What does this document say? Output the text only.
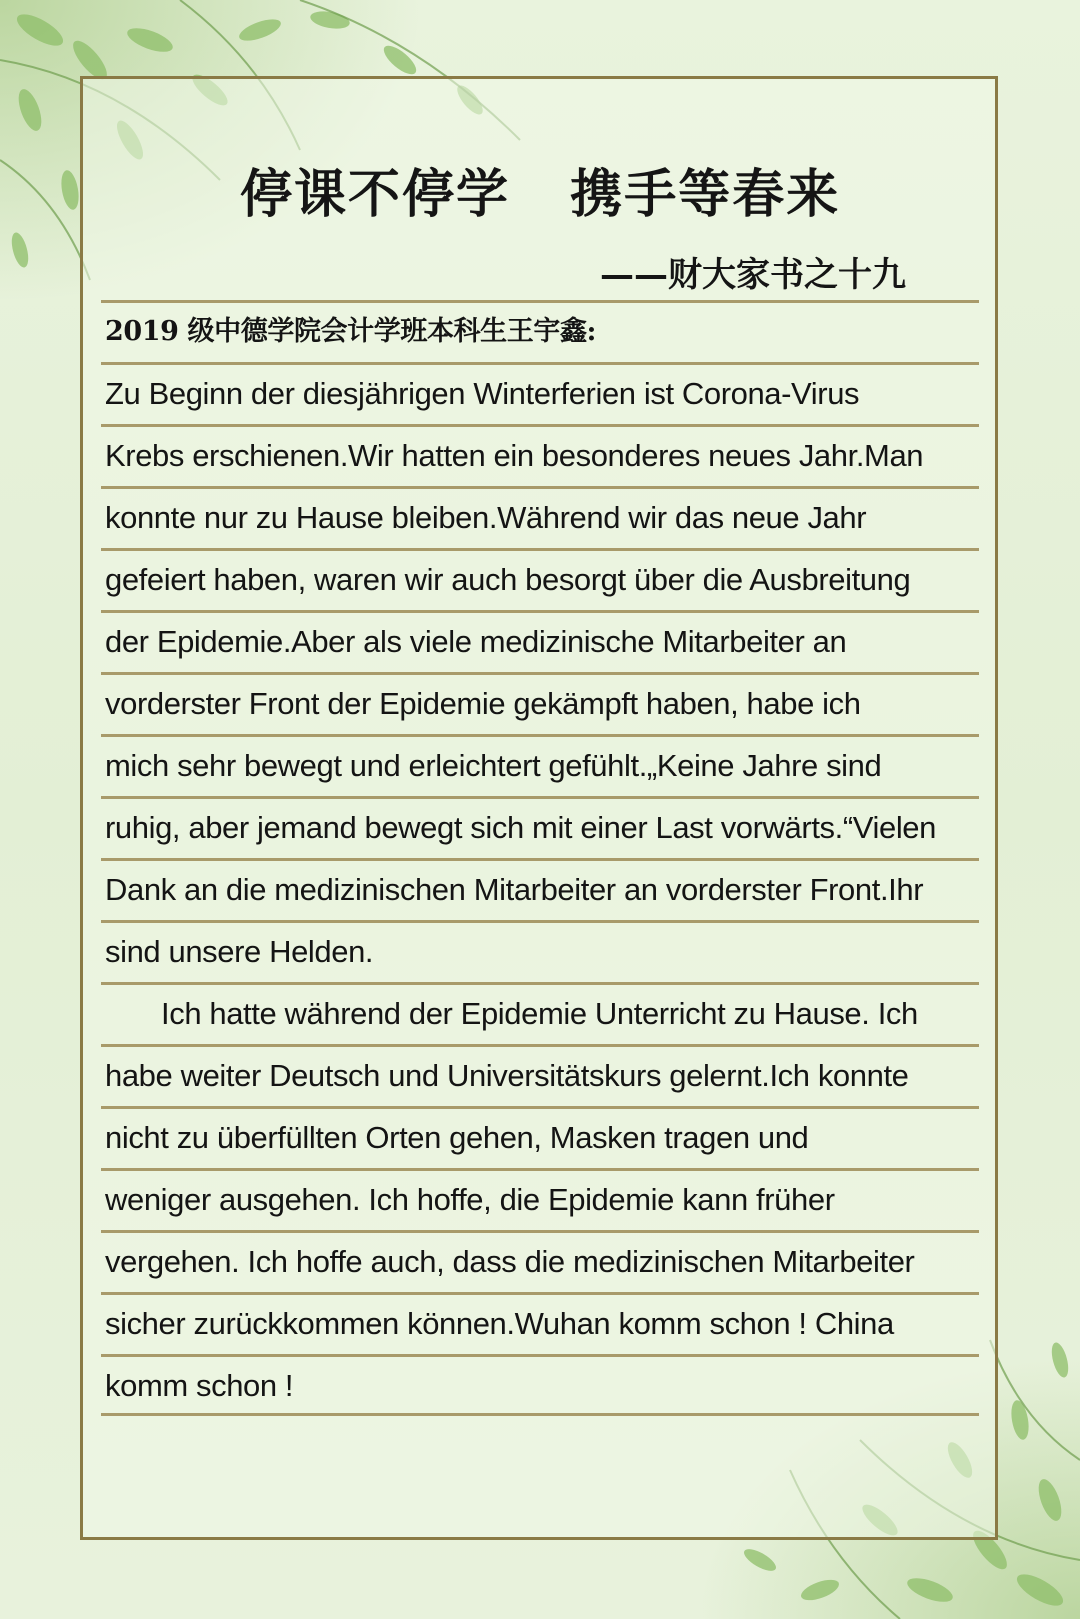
停课不停学   携手等春来
——财大家书之十九
2019 级中德学院会计学班本科生王宇鑫:
Zu Beginn der diesjährigen Winterferien ist Corona-Virus
Krebs erschienen.Wir hatten ein besonderes neues Jahr.Man
konnte nur zu Hause bleiben.Während wir das neue Jahr
gefeiert haben, waren wir auch besorgt über die Ausbreitung
der Epidemie.Aber als viele medizinische Mitarbeiter an
vorderster Front der Epidemie gekämpft haben, habe ich
mich sehr bewegt und erleichtert gefühlt.„Keine Jahre sind
ruhig, aber jemand bewegt sich mit einer Last vorwärts.“Vielen
Dank an die medizinischen Mitarbeiter an vorderster Front.Ihr
sind unsere Helden.
Ich hatte während der Epidemie Unterricht zu Hause. Ich
habe weiter Deutsch und Universitätskurs gelernt.Ich konnte
nicht zu überfüllten Orten gehen, Masken tragen und
weniger ausgehen. Ich hoffe, die Epidemie kann früher
vergehen. Ich hoffe auch, dass die medizinischen Mitarbeiter
sicher zurückkommen können.Wuhan komm schon ! China
komm schon !
